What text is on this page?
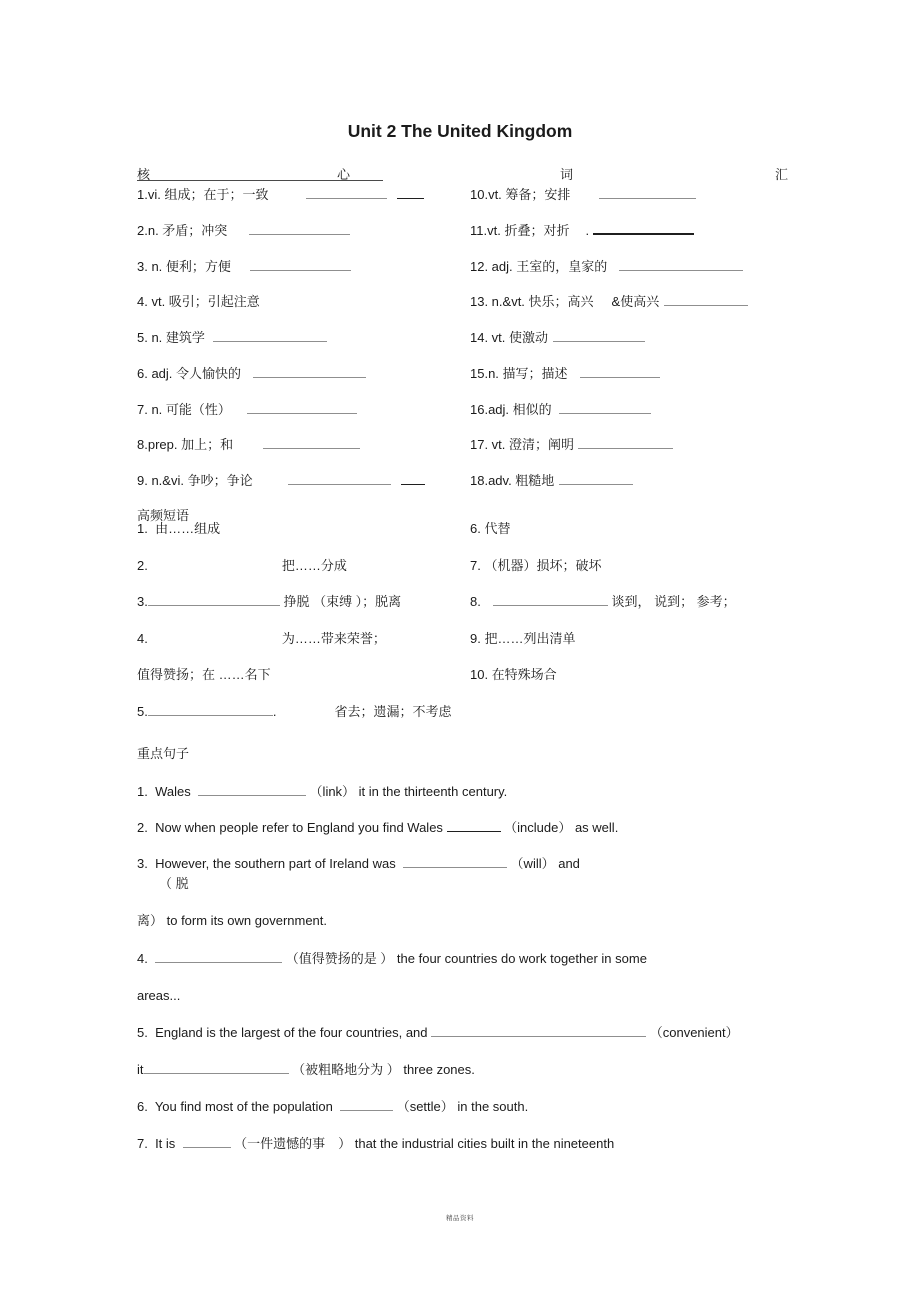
Unit 2 The United Kingdom
核	心	词	汇
1.vi. 组成；在于；一致
2.n. 矛盾；冲突
3. n. 便利；方便
4. vt. 吸引；引起注意
5. n. 建筑学
6. adj. 令人愉快的
7. n. 可能（性）
8.prep. 加上；和
9. n.&vi. 争吵；争论
10.vt. 筹备；安排
11.vt. 折叠；对折 .
12. adj. 王室的，皇家的
13. n.&vt. 快乐；高兴 &使高兴
14. vt. 使激动
15.n. 描写；描述
16.adj. 相似的
17. vt. 澄清；阐明
18.adv. 粗糙地
高频短语
1.  由……组成	6. 代替
2.	把……分成	7. （机器）损坏；破坏
3.	挣脱 （束缚 ）；脱离	8.	谈到， 说到； 参考；
4.	为……带来荣誉；	9. 把……列出清单
值得赞扬；在 ……名下	10. 在特殊场合
5.	.	省去；遗漏；不考虑
重点句子
1.  Wales	（link） it in the thirteenth century.
2.  Now when people refer to England you find Wales	（include） as well.
3.  However, the southern part of Ireland was	（will） and
（ 脱
离） to form its own government.
4.	（值得赞扬的是 ） the four countries do work together in some
areas...
5.  England is the largest of the four countries, and	（convenient）
it	（被粗略地分为 ） three zones.
6.  You find most of the population	（settle） in the south.
7.  It is	（一件遗憾的事　） that the industrial cities built in the nineteenth
精品资料
